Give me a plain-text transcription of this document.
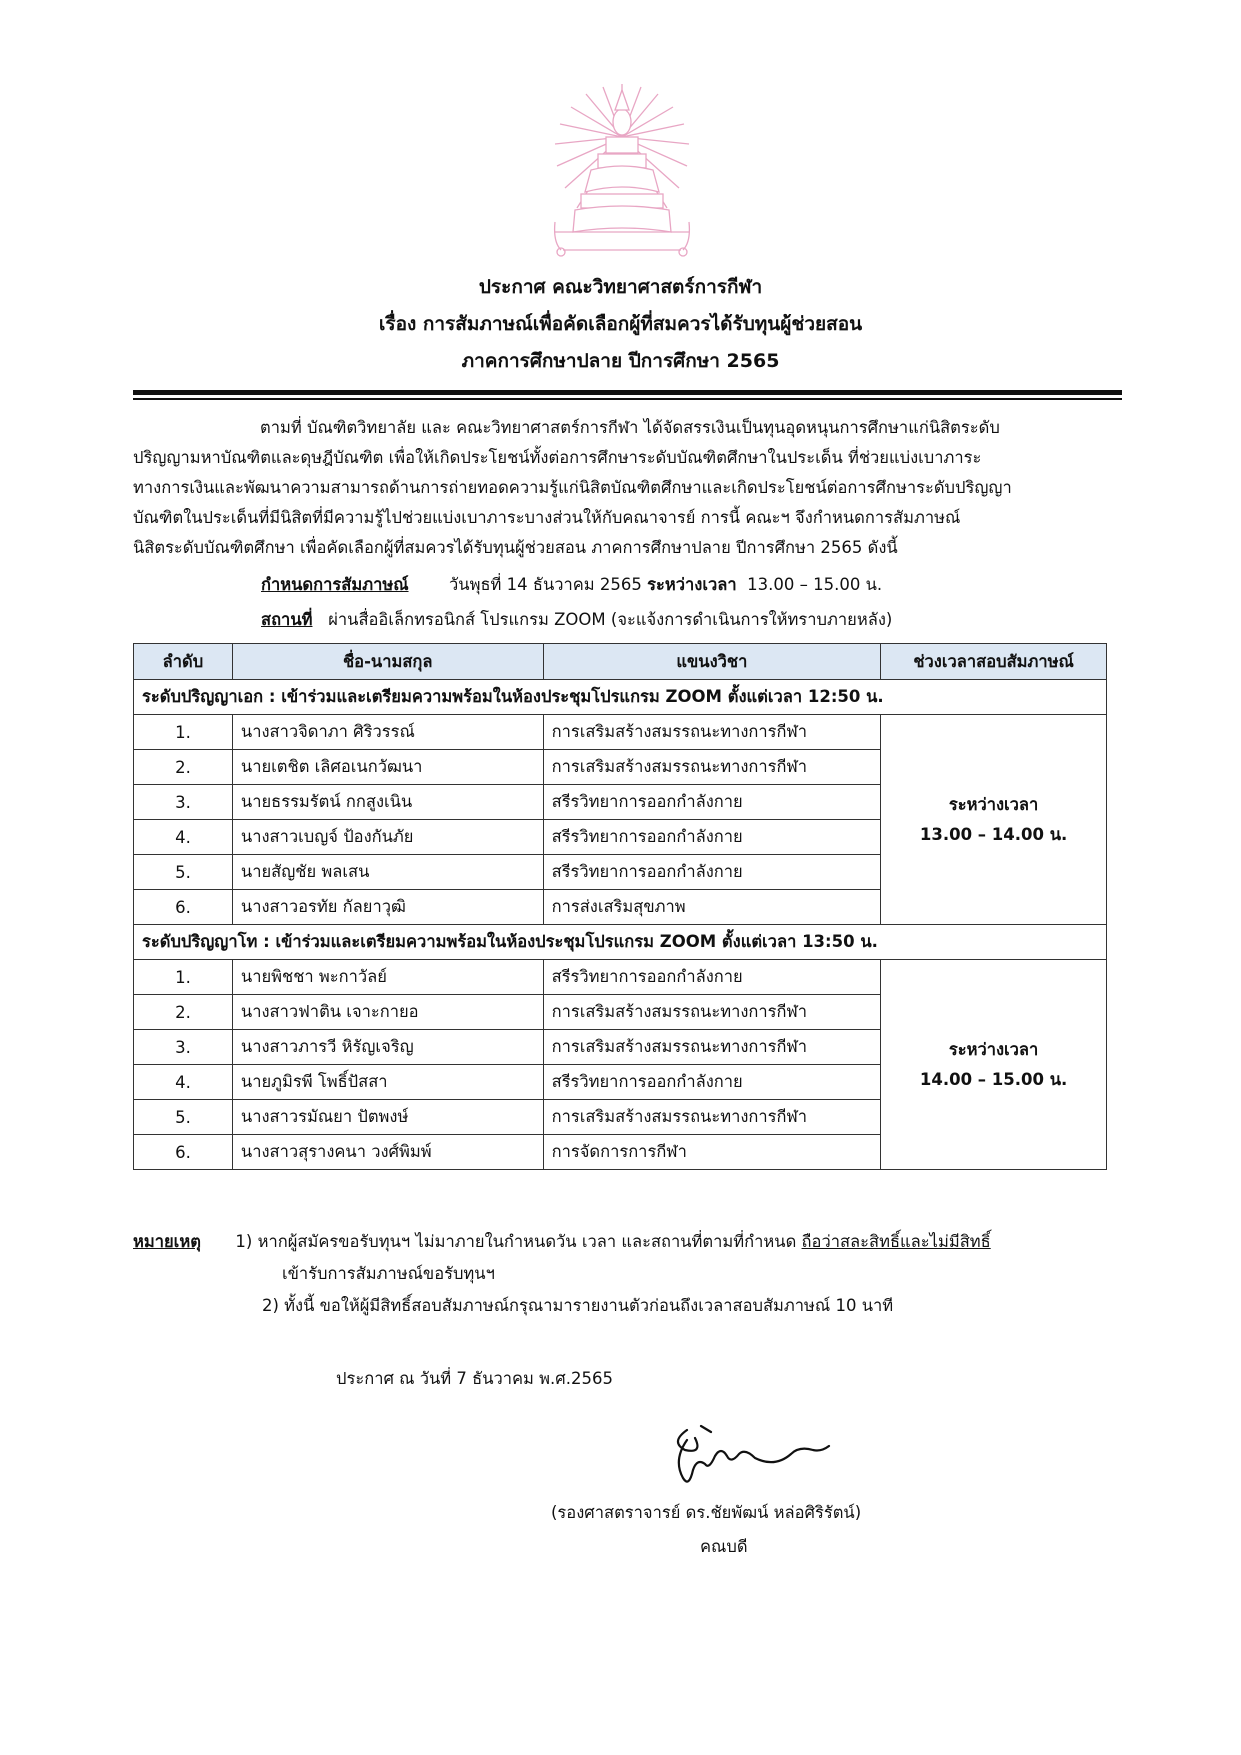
ประกาศ คณะวิทยาศาสตร์การกีฬา
เรื่อง การสัมภาษณ์เพื่อคัดเลือกผู้ที่สมควรได้รับทุนผู้ช่วยสอน
ภาคการศึกษาปลาย ปีการศึกษา 2565
ตามที่ บัณฑิตวิทยาลัย และ คณะวิทยาศาสตร์การกีฬา ได้จัดสรรเงินเป็นทุนอุดหนุนการศึกษาแก่นิสิตระดับ
ปริญญามหาบัณฑิตและดุษฎีบัณฑิต เพื่อให้เกิดประโยชน์ทั้งต่อการศึกษาระดับบัณฑิตศึกษาในประเด็น ที่ช่วยแบ่งเบาภาระ
ทางการเงินและพัฒนาความสามารถด้านการถ่ายทอดความรู้แก่นิสิตบัณฑิตศึกษาและเกิดประโยชน์ต่อการศึกษาระดับปริญญา
บัณฑิตในประเด็นที่มีนิสิตที่มีความรู้ไปช่วยแบ่งเบาภาระบางส่วนให้กับคณาจารย์ การนี้ คณะฯ จึงกำหนดการสัมภาษณ์
นิสิตระดับบัณฑิตศึกษา เพื่อคัดเลือกผู้ที่สมควรได้รับทุนผู้ช่วยสอน ภาคการศึกษาปลาย ปีการศึกษา 2565 ดังนี้
กำหนดการสัมภาษณ์ วันพุธที่ 14 ธันวาคม 2565 ระหว่างเวลา 13.00 – 15.00 น.
สถานที่ ผ่านสื่ออิเล็กทรอนิกส์ โปรแกรม ZOOM (จะแจ้งการดำเนินการให้ทราบภายหลัง)
ลำดับ	ชื่อ-นามสกุล	แขนงวิชา	ช่วงเวลาสอบสัมภาษณ์
ระดับปริญญาเอก : เข้าร่วมและเตรียมความพร้อมในห้องประชุมโปรแกรม ZOOM ตั้งแต่เวลา 12:50 น.			
1.	นางสาวจิดาภา ศิริวรรณ์	การเสริมสร้างสมรรถนะทางการกีฬา	ระหว่างเวลา
13.00 – 14.00 น.

2.	นายเตชิต เลิศอเนกวัฒนา	การเสริมสร้างสมรรถนะทางการกีฬา	
3.	นายธรรมรัตน์ กกสูงเนิน	สรีรวิทยาการออกกำลังกาย	
4.	นางสาวเบญจ์ ป้องกันภัย	สรีรวิทยาการออกกำลังกาย	
5.	นายสัญชัย พลเสน	สรีรวิทยาการออกกำลังกาย	
6.	นางสาวอรทัย กัลยาวุฒิ	การส่งเสริมสุขภาพ	
ระดับปริญญาโท : เข้าร่วมและเตรียมความพร้อมในห้องประชุมโปรแกรม ZOOM ตั้งแต่เวลา 13:50 น.			
1.	นายพิชชา พะกาวัลย์	สรีรวิทยาการออกกำลังกาย	ระหว่างเวลา
14.00 – 15.00 น.

2.	นางสาวฟาติน เจาะกายอ	การเสริมสร้างสมรรถนะทางการกีฬา	
3.	นางสาวภารวี หิรัญเจริญ	การเสริมสร้างสมรรถนะทางการกีฬา	
4.	นายภูมิรพี โพธิ์ปัสสา	สรีรวิทยาการออกกำลังกาย	
5.	นางสาวรมัณยา ปัตพงษ์	การเสริมสร้างสมรรถนะทางการกีฬา	
6.	นางสาวสุรางคนา วงศ์พิมพ์	การจัดการการกีฬา	
หมายเหตุ 1) หากผู้สมัครขอรับทุนฯ ไม่มาภายในกำหนดวัน เวลา และสถานที่ตามที่กำหนด ถือว่าสละสิทธิ์และไม่มีสิทธิ์
เข้ารับการสัมภาษณ์ขอรับทุนฯ
2) ทั้งนี้ ขอให้ผู้มีสิทธิ์สอบสัมภาษณ์กรุณามารายงานตัวก่อนถึงเวลาสอบสัมภาษณ์ 10 นาที
ประกาศ ณ วันที่ 7 ธันวาคม พ.ศ.2565
(รองศาสตราจารย์ ดร.ชัยพัฒน์ หล่อศิริรัตน์)
คณบดี
